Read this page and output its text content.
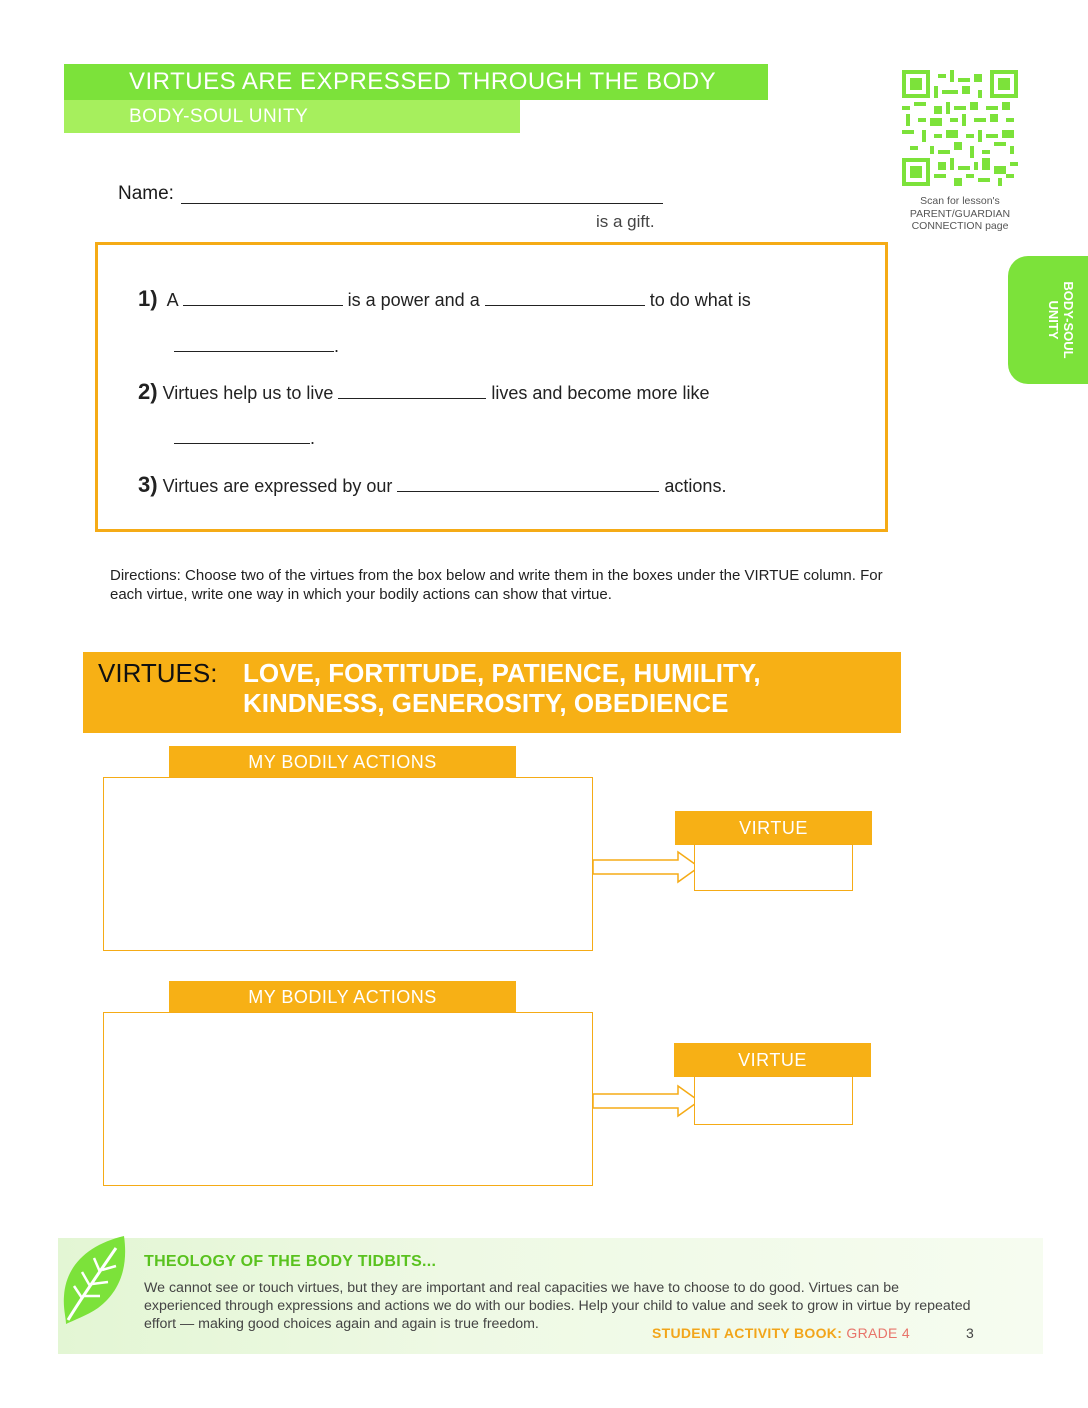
VIRTUES ARE EXPRESSED THROUGH THE BODY
BODY-SOUL UNITY
Scan for lesson's
PARENT/GUARDIAN
CONNECTION page
BODY-SOUL
UNITY
Name:
is a gift.
1) A	is a power and a	to do what is
.
2) Virtues help us to live	lives and become more like
.
3) Virtues are expressed by our	actions.
Directions: Choose two of the virtues from the box below and write them in the boxes under the VIRTUE column. For each virtue, write one way in which your bodily actions can show that virtue.
VIRTUES: LOVE, FORTITUDE, PATIENCE, HUMILITY,
KINDNESS, GENEROSITY, OBEDIENCE
MY BODILY ACTIONS
VIRTUE
MY BODILY ACTIONS
VIRTUE
THEOLOGY OF THE BODY TIDBITS...
We cannot see or touch virtues, but they are important and real capacities we have to choose to do good. Virtues can be experienced through expressions and actions we do with our bodies. Help your child to value and seek to grow in virtue by repeated effort — making good choices again and again is true freedom.
STUDENT ACTIVITY BOOK: GRADE 4	3
